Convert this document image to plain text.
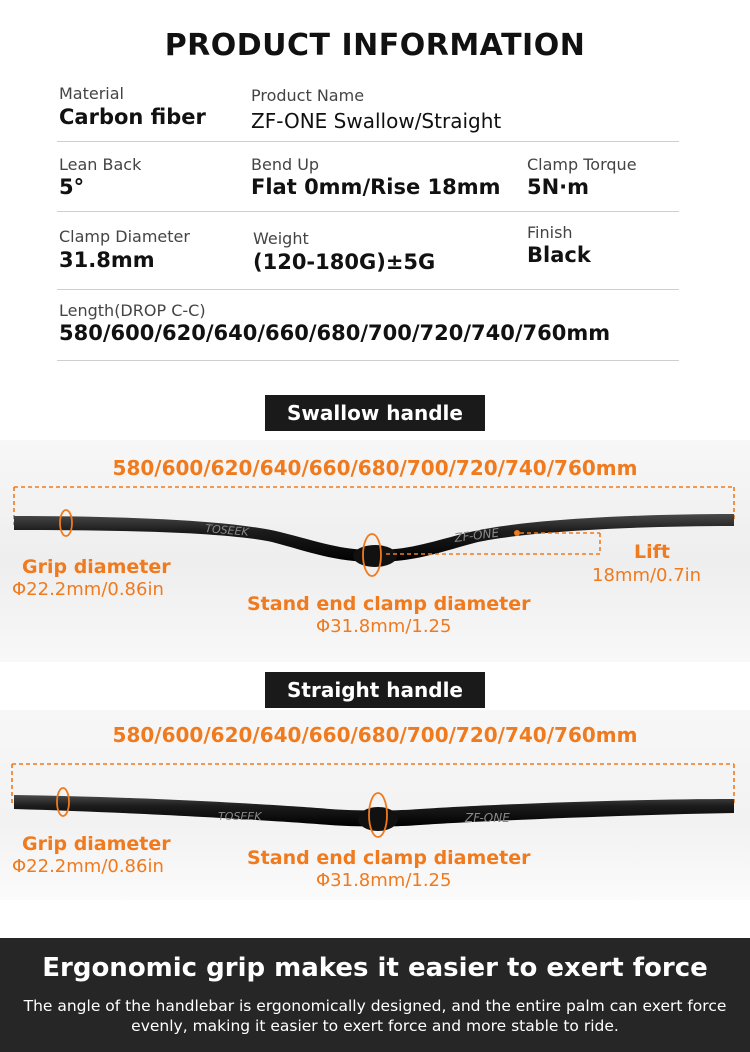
PRODUCT INFORMATION
Material
Carbon fiber
Product Name
ZF-ONE Swallow/Straight
Lean Back
5°
Bend Up
Flat 0mm/Rise 18mm
Clamp Torque
5N·m
Clamp Diameter
31.8mm
Weight
(120-180G)±5G
Finish
Black
Length(DROP C-C)
580/600/620/640/660/680/700/720/740/760mm
Swallow handle
580/600/620/640/660/680/700/720/740/760mm
TOSEEK	ZF-ONE
Grip diameter
Φ22.2mm/0.86in
Stand end clamp diameter
Φ31.8mm/1.25
Lift
18mm/0.7in
Straight handle
580/600/620/640/660/680/700/720/740/760mm
TOSEEK	ZF-ONE
Grip diameter
Φ22.2mm/0.86in	Stand end clamp diameter
Φ31.8mm/1.25
Ergonomic grip makes it easier to exert force
The angle of the handlebar is ergonomically designed, and the entire palm can exert force evenly, making it easier to exert force and more stable to ride.
